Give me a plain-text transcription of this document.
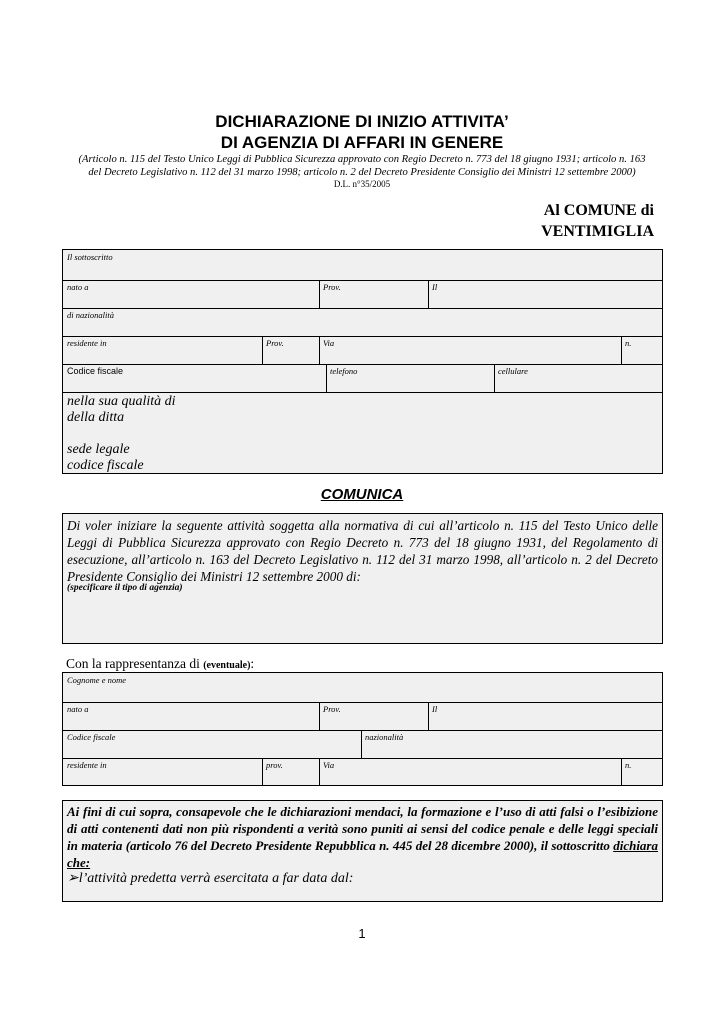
DICHIARAZIONE DI INIZIO ATTIVITA’
DI AGENZIA DI AFFARI IN GENERE
(Articolo n. 115 del Testo Unico Leggi di Pubblica Sicurezza approvato con Regio Decreto n. 773 del 18 giugno 1931; articolo n. 163
del Decreto Legislativo n. 112 del 31 marzo 1998; articolo n. 2 del Decreto Presidente Consiglio dei Ministri 12 settembre 2000)
D.L. n°35/2005
Al COMUNE di
VENTIMIGLIA
Il sottoscritto
nato a	Prov.	Il
di nazionalità
residente in	Prov.	Via	n.
Codice fiscale	telefono	cellulare
nella sua qualità di
della ditta
sede legale
codice fiscale
COMUNICA
Di voler iniziare la seguente attività soggetta alla normativa di cui all’articolo n. 115 del Testo Unico delle Leggi di Pubblica Sicurezza approvato con Regio Decreto n. 773 del 18 giugno 1931, del Regolamento di esecuzione, all’articolo n. 163 del Decreto Legislativo n. 112 del 31 marzo 1998, all’articolo n. 2 del Decreto Presidente Consiglio dei Ministri 12 settembre 2000 di:
(specificare il tipo di agenzia)
Con la rappresentanza di (eventuale):
Cognome e nome
nato a	Prov.	Il
Codice fiscale	nazionalità
residente in	prov.	Via	n.
Ai fini di cui sopra, consapevole che le dichiarazioni mendaci, la formazione e l’uso di atti falsi o l’esibizione di atti contenenti dati non più rispondenti a verità sono puniti ai sensi del codice penale e delle leggi speciali in materia (articolo 76 del Decreto Presidente Repubblica n. 445 del 28 dicembre 2000), il sottoscritto dichiara che:
➢l’attività predetta verrà esercitata a far data dal:
1
